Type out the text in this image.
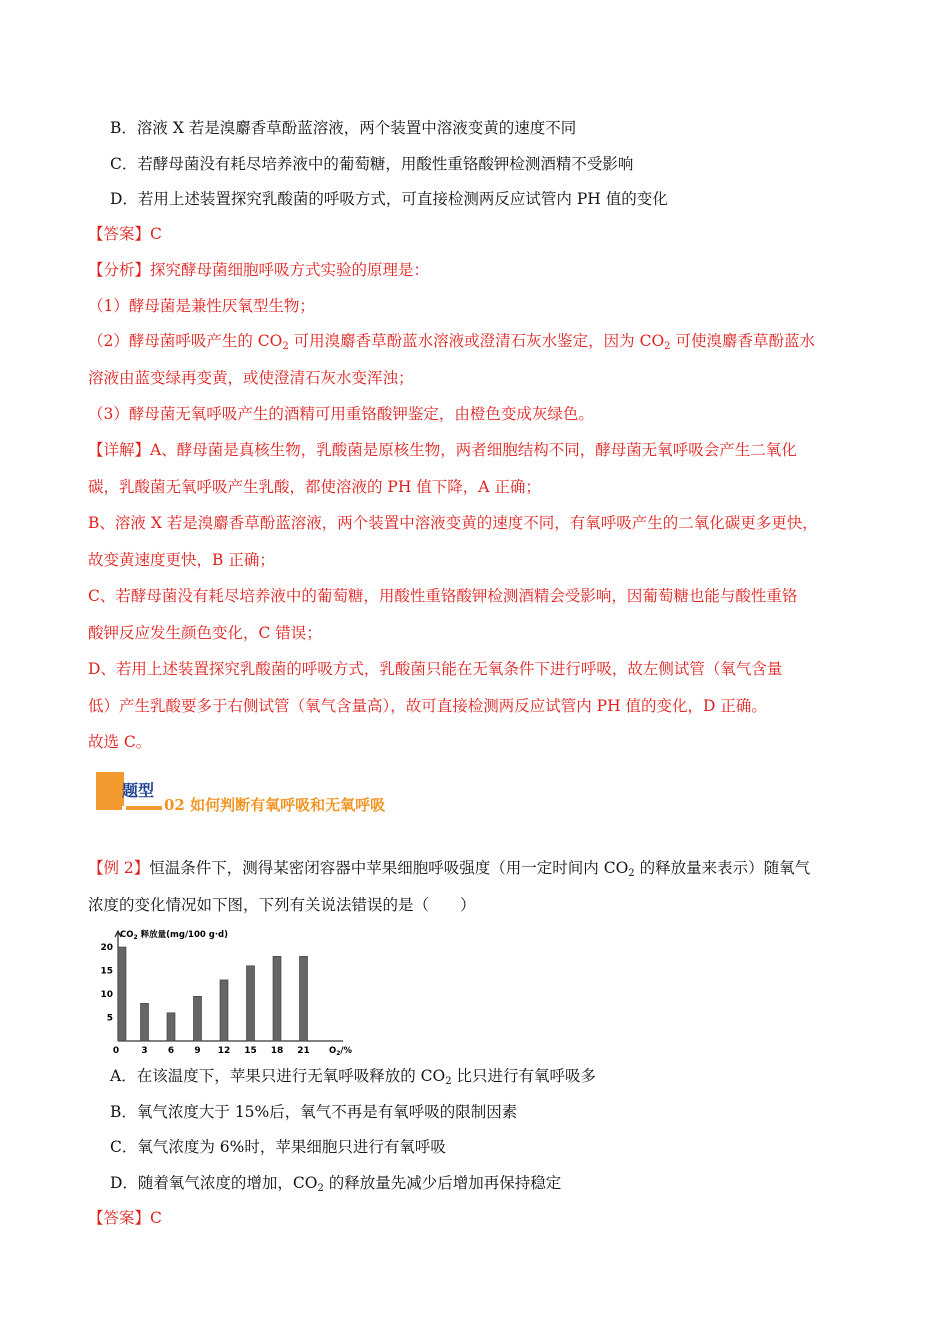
B．溶液 X 若是溴麝香草酚蓝溶液，两个装置中溶液变黄的速度不同
C．若酵母菌没有耗尽培养液中的葡萄糖，用酸性重铬酸钾检测酒精不受影响
D．若用上述装置探究乳酸菌的呼吸方式，可直接检测两反应试管内 PH 值的变化
【答案】C
【分析】探究酵母菌细胞呼吸方式实验的原理是：
（1）酵母菌是兼性厌氧型生物；
（2）酵母菌呼吸产生的 $CO_2$ 可用溴麝香草酚蓝水溶液或澄清石灰水鉴定，因为 $CO_2$ 可使溴麝香草酚蓝水
溶液由蓝变绿再变黄，或使澄清石灰水变浑浊；
（3）酵母菌无氧呼吸产生的酒精可用重铬酸钾鉴定，由橙色变成灰绿色。
【详解】A、酵母菌是真核生物，乳酸菌是原核生物，两者细胞结构不同，酵母菌无氧呼吸会产生二氧化
碳，乳酸菌无氧呼吸产生乳酸，都使溶液的 PH 值下降，A 正确；
B、溶液 X 若是溴麝香草酚蓝溶液，两个装置中溶液变黄的速度不同，有氧呼吸产生的二氧化碳更多更快，
故变黄速度更快，B 正确；
C、若酵母菌没有耗尽培养液中的葡萄糖，用酸性重铬酸钾检测酒精会受影响，因葡萄糖也能与酸性重铬
酸钾反应发生颜色变化，C 错误；
D、若用上述装置探究乳酸菌的呼吸方式，乳酸菌只能在无氧条件下进行呼吸，故左侧试管（氧气含量
低）产生乳酸要多于右侧试管（氧气含量高），故可直接检测两反应试管内 PH 值的变化，D 正确。
故选 C。
题型
02 如何判断有氧呼吸和无氧呼吸
【例 2】恒温条件下，测得某密闭容器中苹果细胞呼吸强度（用一定时间内 $CO_2$ 的释放量来表示）随氧气
浓度的变化情况如下图，下列有关说法错误的是（　　）
$CO_2$ 释放量(mg/100 g·d)
5
10
15
20
0 3 6 9 12 15 18 21 $O_2/\%$
A．在该温度下，苹果只进行无氧呼吸释放的 $CO_2$ 比只进行有氧呼吸多
B．氧气浓度大于 15%后，氧气不再是有氧呼吸的限制因素
C．氧气浓度为 6%时，苹果细胞只进行有氧呼吸
D．随着氧气浓度的增加，$CO_2$ 的释放量先减少后增加再保持稳定
【答案】C
